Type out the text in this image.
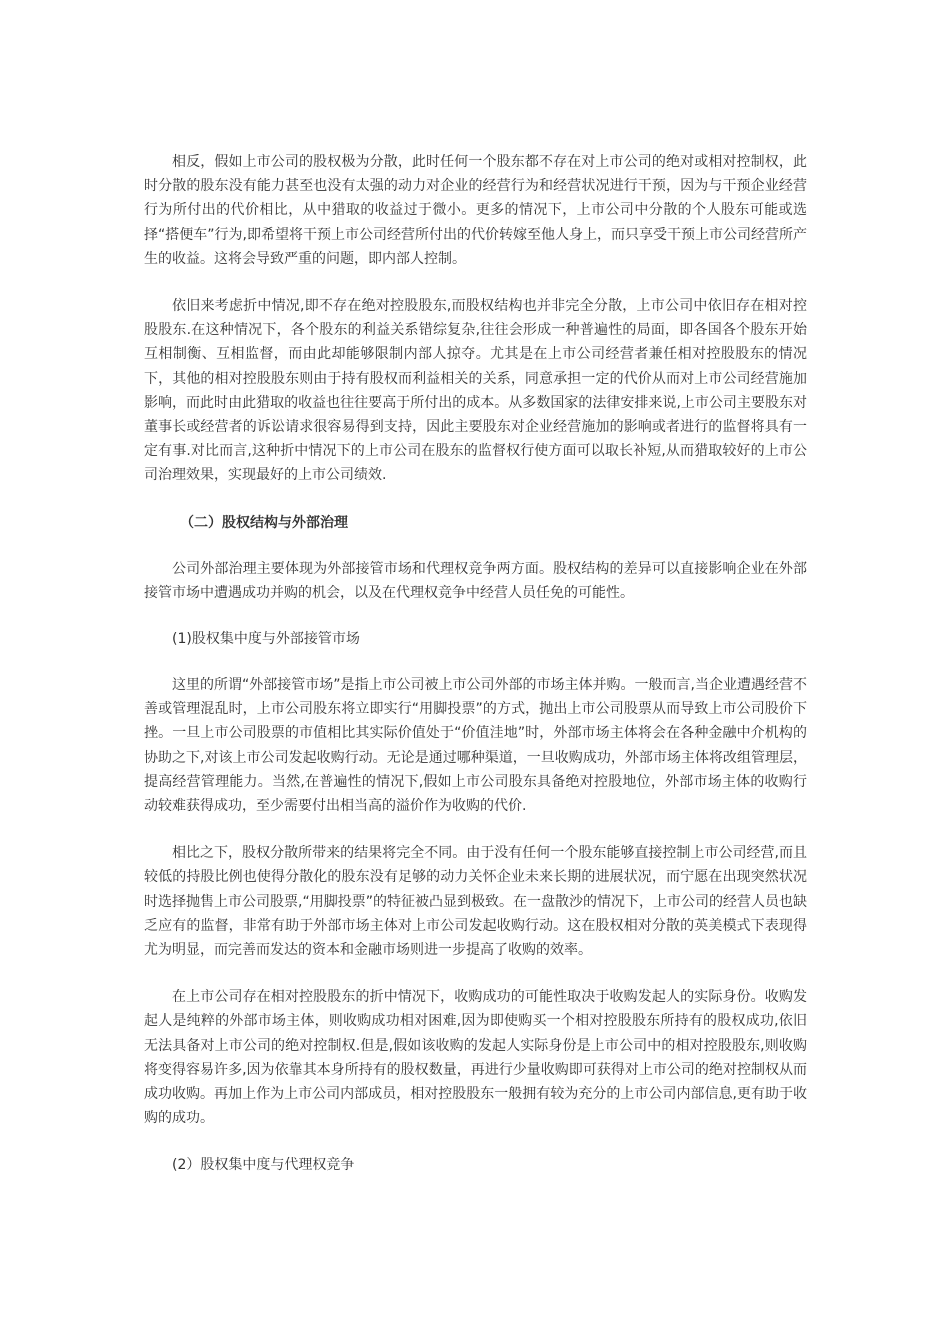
相反，假如上市公司的股权极为分散，此时任何一个股东都不存在对上市公司的绝对或相对控制权，此时分散的股东没有能力甚至也没有太强的动力对企业的经营行为和经营状况进行干预，因为与干预企业经营行为所付出的代价相比，从中猎取的收益过于微小。更多的情况下，上市公司中分散的个人股东可能或选择“搭便车”行为,即希望将干预上市公司经营所付出的代价转嫁至他人身上，而只享受干预上市公司经营所产生的收益。这将会导致严重的问题，即内部人控制。

依旧来考虑折中情况,即不存在绝对控股股东,而股权结构也并非完全分散，上市公司中依旧存在相对控股股东.在这种情况下，各个股东的利益关系错综复杂,往往会形成一种普遍性的局面，即各国各个股东开始互相制衡、互相监督，而由此却能够限制内部人掠夺。尤其是在上市公司经营者兼任相对控股股东的情况下，其他的相对控股股东则由于持有股权而利益相关的关系，同意承担一定的代价从而对上市公司经营施加影响，而此时由此猎取的收益也往往要高于所付出的成本。从多数国家的法律安排来说,上市公司主要股东对董事长或经营者的诉讼请求很容易得到支持，因此主要股东对企业经营施加的影响或者进行的监督将具有一定有事.对比而言,这种折中情况下的上市公司在股东的监督权行使方面可以取长补短,从而猎取较好的上市公司治理效果，实现最好的上市公司绩效.

（二）股权结构与外部治理

公司外部治理主要体现为外部接管市场和代理权竞争两方面。股权结构的差异可以直接影响企业在外部接管市场中遭遇成功并购的机会，以及在代理权竞争中经营人员任免的可能性。

(1)股权集中度与外部接管市场

这里的所谓“外部接管市场”是指上市公司被上市公司外部的市场主体并购。一般而言,当企业遭遇经营不善或管理混乱时，上市公司股东将立即实行“用脚投票”的方式，抛出上市公司股票从而导致上市公司股价下挫。一旦上市公司股票的市值相比其实际价值处于“价值洼地”时，外部市场主体将会在各种金融中介机构的协助之下,对该上市公司发起收购行动。无论是通过哪种渠道，一旦收购成功，外部市场主体将改组管理层，提高经营管理能力。当然,在普遍性的情况下,假如上市公司股东具备绝对控股地位，外部市场主体的收购行动较难获得成功，至少需要付出相当高的溢价作为收购的代价.

相比之下，股权分散所带来的结果将完全不同。由于没有任何一个股东能够直接控制上市公司经营,而且较低的持股比例也使得分散化的股东没有足够的动力关怀企业未来长期的进展状况，而宁愿在出现突然状况时选择抛售上市公司股票,“用脚投票”的特征被凸显到极致。在一盘散沙的情况下，上市公司的经营人员也缺乏应有的监督，非常有助于外部市场主体对上市公司发起收购行动。这在股权相对分散的英美模式下表现得尤为明显，而完善而发达的资本和金融市场则进一步提高了收购的效率。

在上市公司存在相对控股股东的折中情况下，收购成功的可能性取决于收购发起人的实际身份。收购发起人是纯粹的外部市场主体，则收购成功相对困难,因为即使购买一个相对控股股东所持有的股权成功,依旧无法具备对上市公司的绝对控制权.但是,假如该收购的发起人实际身份是上市公司中的相对控股股东,则收购将变得容易许多,因为依靠其本身所持有的股权数量，再进行少量收购即可获得对上市公司的绝对控制权从而成功收购。再加上作为上市公司内部成员，相对控股股东一般拥有较为充分的上市公司内部信息,更有助于收购的成功。

(2）股权集中度与代理权竞争
